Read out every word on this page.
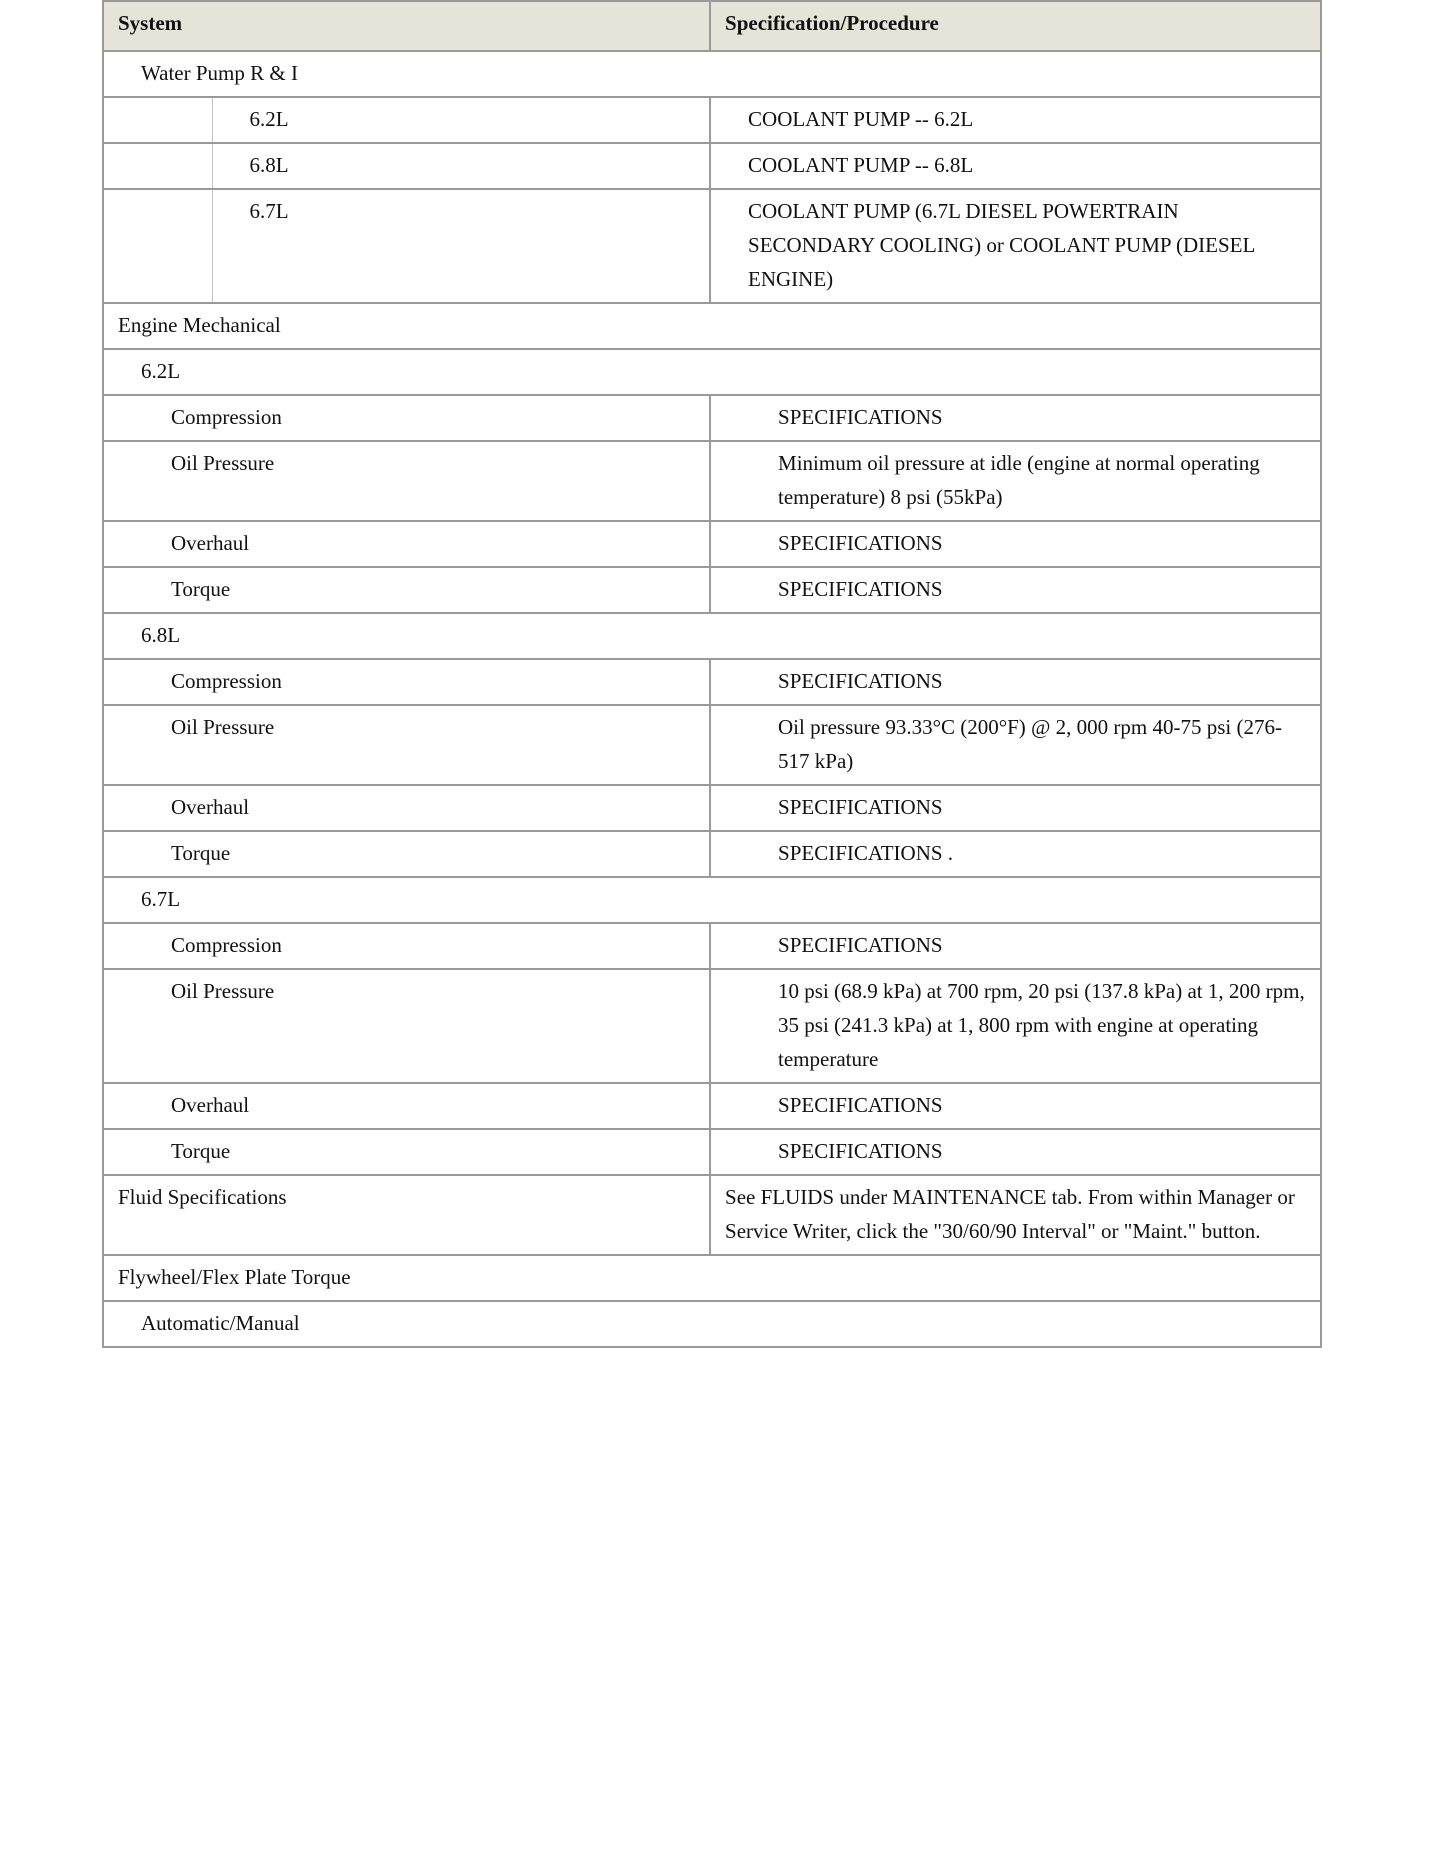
System		Specification/Procedure
Water Pump R & I		
	6.2L	COOLANT PUMP -- 6.2L
	6.8L	COOLANT PUMP -- 6.8L
	6.7L	COOLANT PUMP (6.7L DIESEL POWERTRAIN SECONDARY COOLING) or COOLANT PUMP (DIESEL ENGINE)
Engine Mechanical		
6.2L		
Compression		SPECIFICATIONS
Oil Pressure		Minimum oil pressure at idle (engine at normal operating temperature) 8 psi (55kPa)
Overhaul		SPECIFICATIONS
Torque		SPECIFICATIONS
6.8L		
Compression		SPECIFICATIONS
Oil Pressure		Oil pressure 93.33°C (200°F) @ 2, 000 rpm 40-75 psi (276-517 kPa)
Overhaul		SPECIFICATIONS
Torque		SPECIFICATIONS .
6.7L		
Compression		SPECIFICATIONS
Oil Pressure		10 psi (68.9 kPa) at 700 rpm, 20 psi (137.8 kPa) at 1, 200 rpm, 35 psi (241.3 kPa) at 1, 800 rpm with engine at operating temperature
Overhaul		SPECIFICATIONS
Torque		SPECIFICATIONS
Fluid Specifications		See FLUIDS under MAINTENANCE tab. From within Manager or Service Writer, click the "30/60/90 Interval" or "Maint." button.
Flywheel/Flex Plate Torque		
Automatic/Manual		
